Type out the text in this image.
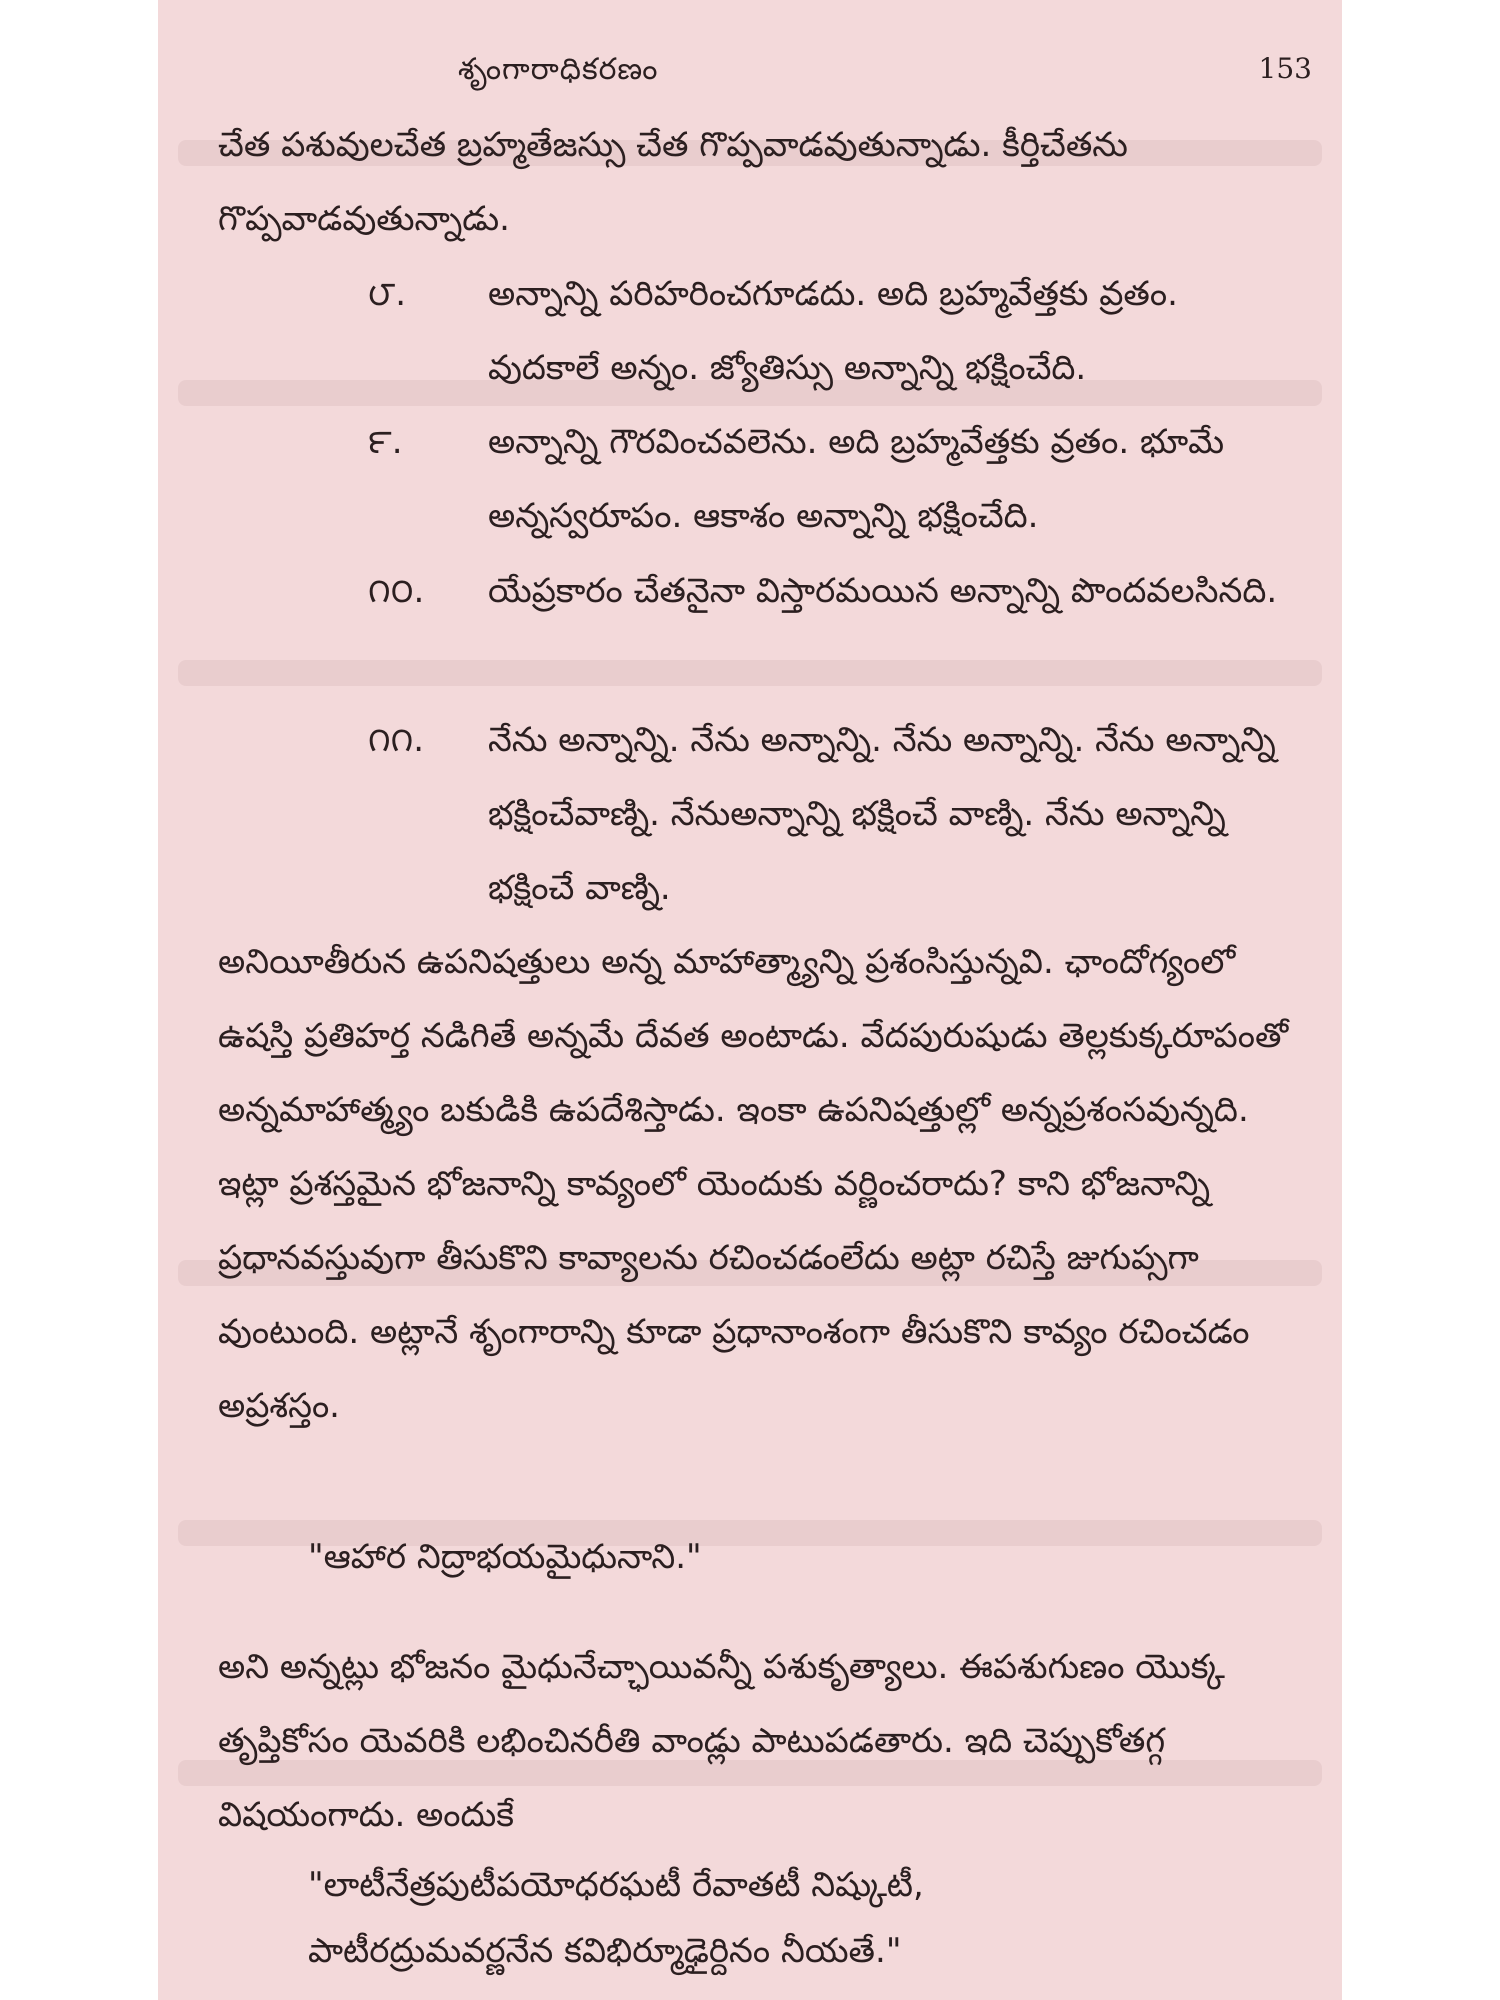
శృంగారాధికరణం	153

చేత పశువులచేత బ్రహ్మతేజస్సు చేత గొప్పవాడవుతున్నాడు. కీర్తిచేతను గొప్పవాడవుతున్నాడు.

౮.	అన్నాన్ని పరిహరించగూడదు. అది బ్రహ్మవేత్తకు వ్రతం. వుదకాలే అన్నం. జ్యోతిస్సు అన్నాన్ని భక్షించేది.
౯.	అన్నాన్ని గౌరవించవలెను. అది బ్రహ్మవేత్తకు వ్రతం. భూమే అన్నస్వరూపం. ఆకాశం అన్నాన్ని భక్షించేది.
౧౦.	యేప్రకారం చేతనైనా విస్తారమయిన అన్నాన్ని పొందవలసినది.
౧౧.	నేను అన్నాన్ని. నేను అన్నాన్ని. నేను అన్నాన్ని. నేను అన్నాన్ని భక్షించేవాణ్ని. నేనుఅన్నాన్ని భక్షించే వాణ్ని. నేను అన్నాన్ని భక్షించే వాణ్ని.

అనియీతీరున ఉపనిషత్తులు అన్న మాహాత్మ్యాన్ని ప్రశంసిస్తున్నవి. ఛాందోగ్యంలో ఉషస్తి ప్రతిహర్త నడిగితే అన్నమే దేవత అంటాడు. వేదపురుషుడు తెల్లకుక్కరూపంతో అన్నమాహాత్మ్యం బకుడికి ఉపదేశిస్తాడు. ఇంకా ఉపనిషత్తుల్లో అన్నప్రశంసవున్నది. ఇట్లా ప్రశస్తమైన భోజనాన్ని కావ్యంలో యెందుకు వర్ణించరాదు? కాని భోజనాన్ని ప్రధానవస్తువుగా తీసుకొని కావ్యాలను రచించడంలేదు అట్లా రచిస్తే జుగుప్సగా వుంటుంది. అట్లానే శృంగారాన్ని కూడా ప్రధానాంశంగా తీసుకొని కావ్యం రచించడం అప్రశస్తం.

"ఆహార నిద్రాభయమైధునాని."

అని అన్నట్లు భోజనం మైధునేచ్ఛాయివన్నీ పశుకృత్యాలు. ఈపశుగుణం యొక్క తృప్తికోసం యెవరికి లభించినరీతి వాండ్లు పాటుపడతారు. ఇది చెప్పుకోతగ్గ విషయంగాదు. అందుకే

"లాటీనేత్రపుటీపయోధరఘటీ రేవాతటీ నిష్కుటీ,

పాటీరద్రుమవర్ణనేన కవిభిర్మూఢైర్దినం నీయతే."
